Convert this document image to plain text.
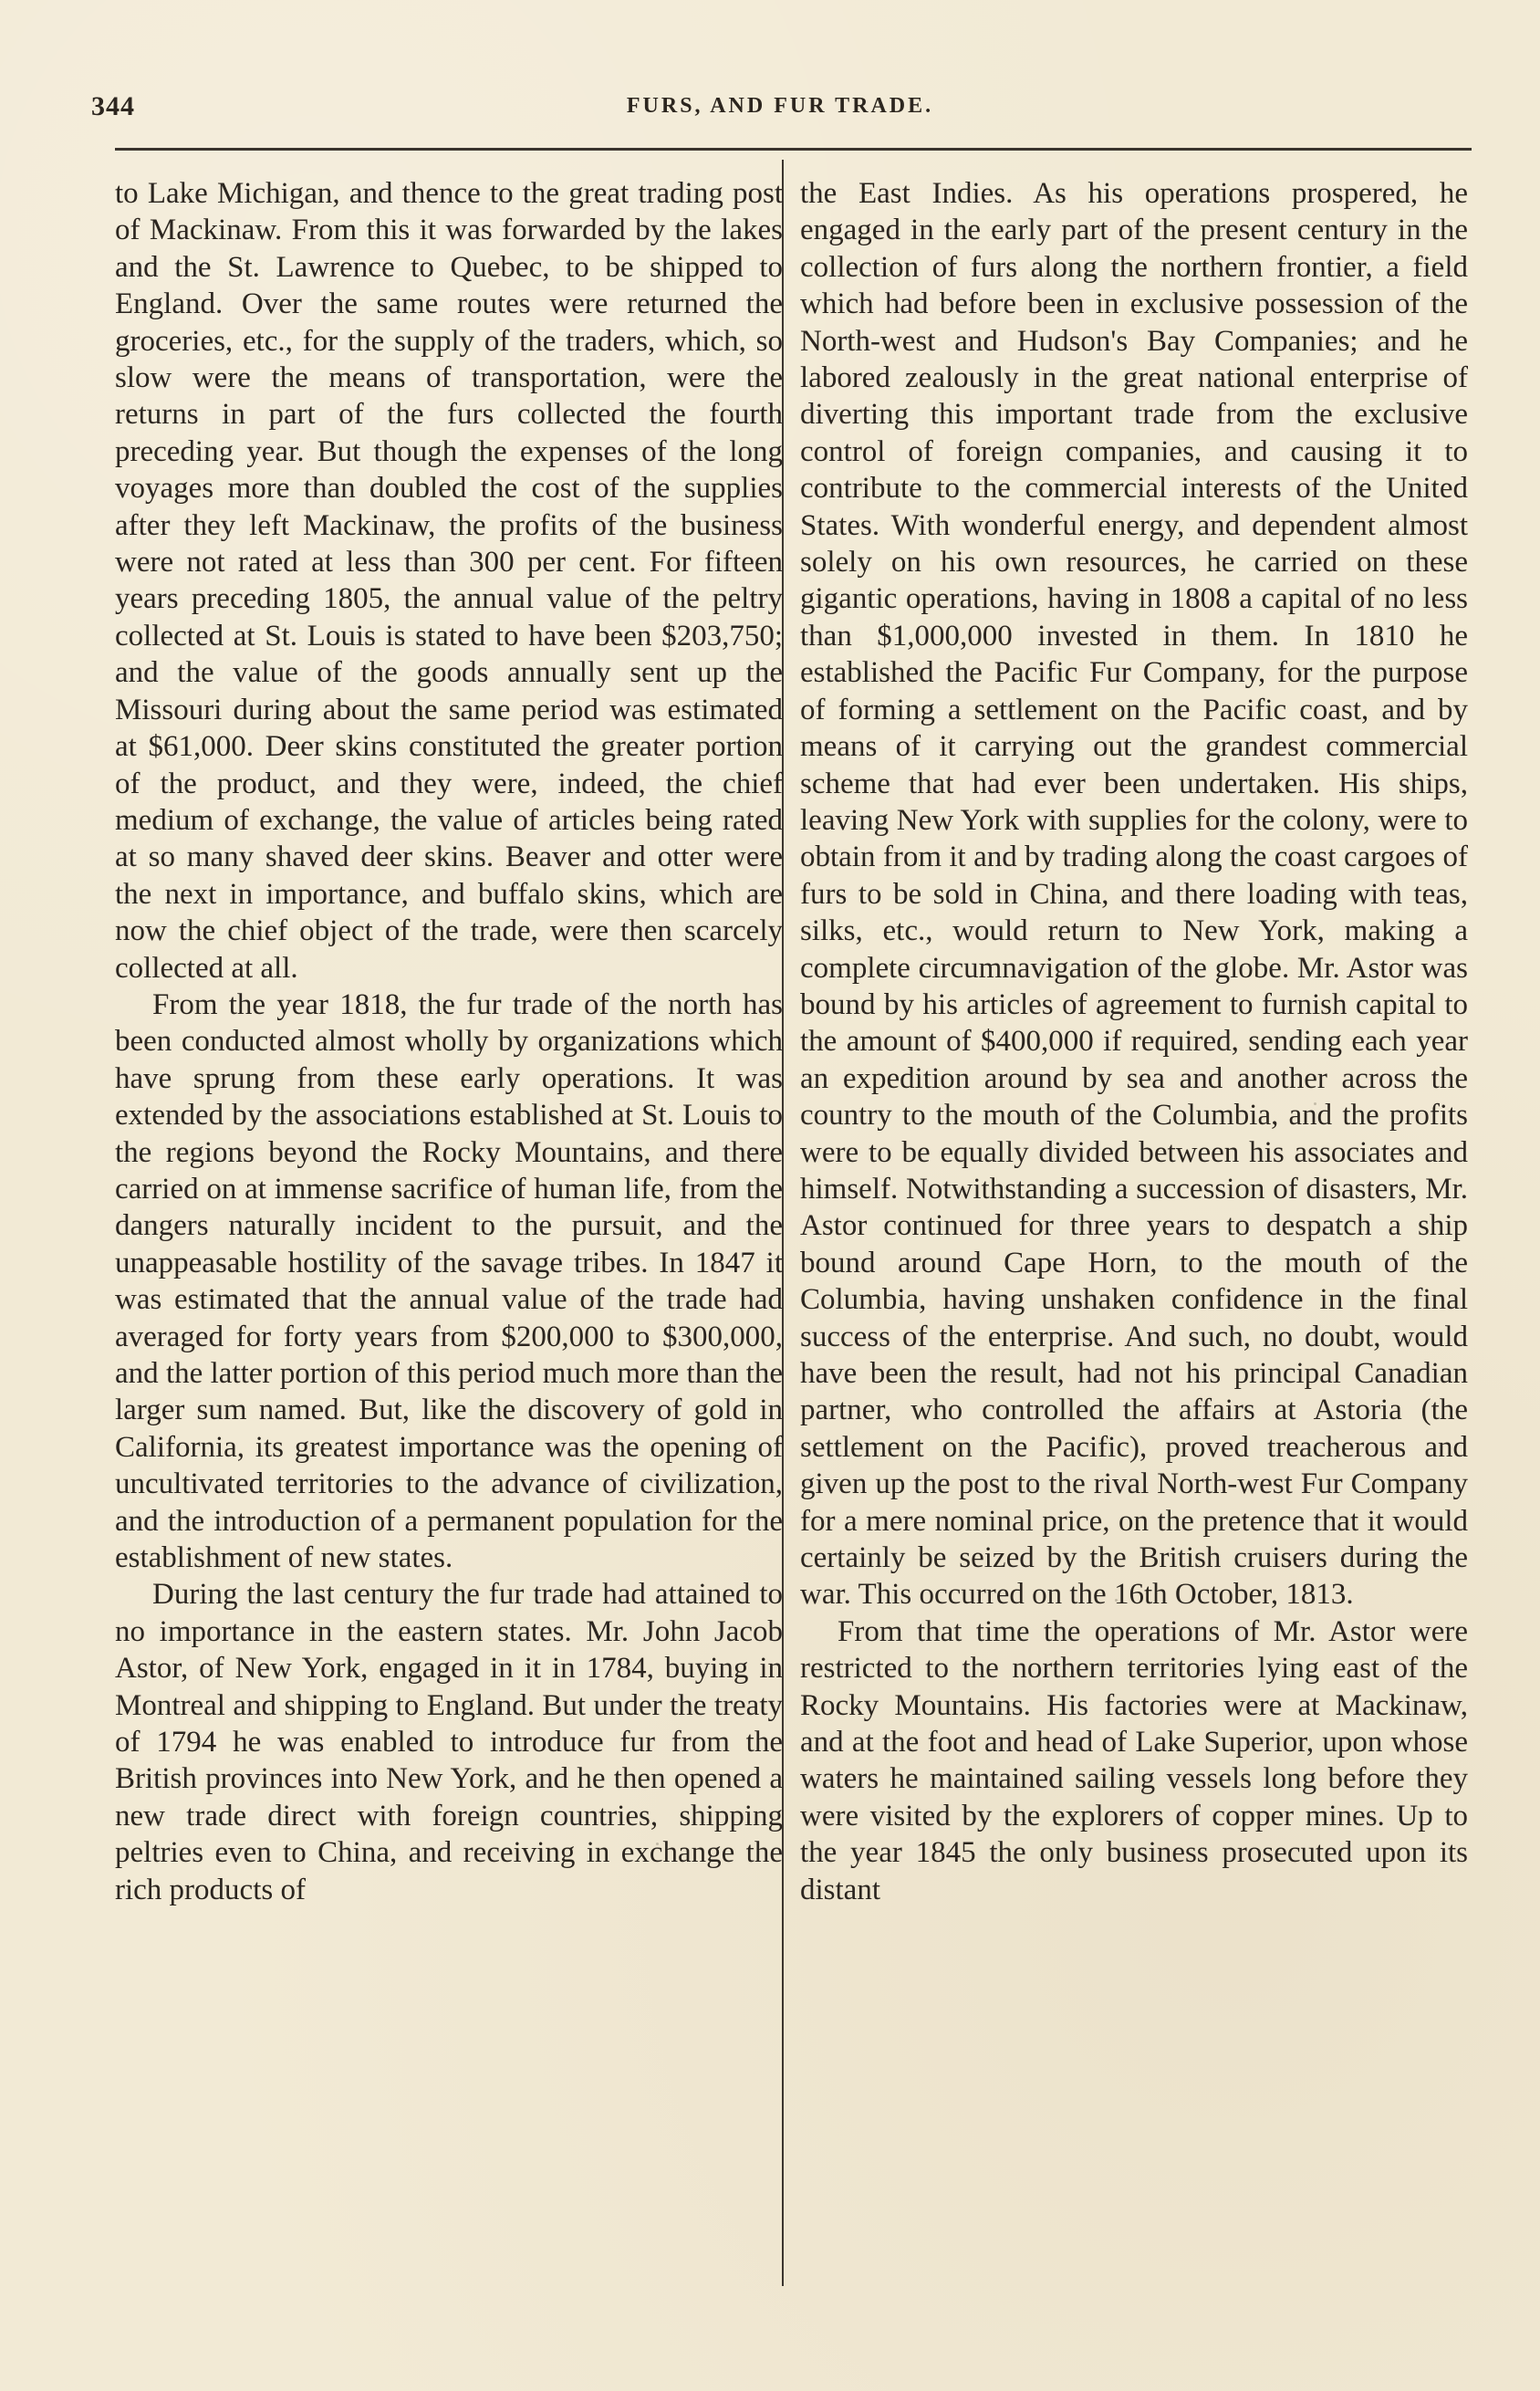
344	FURS, AND FUR TRADE.

to Lake Michigan, and thence to the great trading post of Mackinaw. From this it was forwarded by the lakes and the St. Lawrence to Quebec, to be shipped to England. Over the same routes were returned the groceries, etc., for the supply of the traders, which, so slow were the means of transportation, were the returns in part of the furs collected the fourth preceding year. But though the expenses of the long voyages more than doubled the cost of the supplies after they left Mackinaw, the profits of the business were not rated at less than 300 per cent. For fifteen years preceding 1805, the annual value of the peltry collected at St. Louis is stated to have been $203,750; and the value of the goods annually sent up the Missouri during about the same period was estimated at $61,000. Deer skins constituted the greater portion of the product, and they were, indeed, the chief medium of exchange, the value of articles being rated at so many shaved deer skins. Beaver and otter were the next in importance, and buffalo skins, which are now the chief object of the trade, were then scarcely collected at all.

From the year 1818, the fur trade of the north has been conducted almost wholly by organizations which have sprung from these early operations. It was extended by the associations established at St. Louis to the regions beyond the Rocky Mountains, and there carried on at immense sacrifice of human life, from the dangers naturally incident to the pursuit, and the unappeasable hostility of the savage tribes. In 1847 it was estimated that the annual value of the trade had averaged for forty years from $200,000 to $300,000, and the latter portion of this period much more than the larger sum named. But, like the discovery of gold in California, its greatest importance was the opening of uncultivated territories to the advance of civilization, and the introduction of a permanent population for the establishment of new states.

During the last century the fur trade had attained to no importance in the eastern states. Mr. John Jacob Astor, of New York, engaged in it in 1784, buying in Montreal and shipping to England. But under the treaty of 1794 he was enabled to introduce fur from the British provinces into New York, and he then opened a new trade direct with foreign countries, shipping peltries even to China, and receiving in exchange the rich products of

the East Indies. As his operations prospered, he engaged in the early part of the present century in the collection of furs along the northern frontier, a field which had before been in exclusive possession of the North-west and Hudson's Bay Companies; and he labored zealously in the great national enterprise of diverting this important trade from the exclusive control of foreign companies, and causing it to contribute to the commercial interests of the United States. With wonderful energy, and dependent almost solely on his own resources, he carried on these gigantic operations, having in 1808 a capital of no less than $1,000,000 invested in them. In 1810 he established the Pacific Fur Company, for the purpose of forming a settlement on the Pacific coast, and by means of it carrying out the grandest commercial scheme that had ever been undertaken. His ships, leaving New York with supplies for the colony, were to obtain from it and by trading along the coast cargoes of furs to be sold in China, and there loading with teas, silks, etc., would return to New York, making a complete circumnavigation of the globe. Mr. Astor was bound by his articles of agreement to furnish capital to the amount of $400,000 if required, sending each year an expedition around by sea and another across the country to the mouth of the Columbia, and the profits were to be equally divided between his associates and himself. Notwithstanding a succession of disasters, Mr. Astor continued for three years to despatch a ship bound around Cape Horn, to the mouth of the Columbia, having unshaken confidence in the final success of the enterprise. And such, no doubt, would have been the result, had not his principal Canadian partner, who controlled the affairs at Astoria (the settlement on the Pacific), proved treacherous and given up the post to the rival North-west Fur Company for a mere nominal price, on the pretence that it would certainly be seized by the British cruisers during the war. This occurred on the 16th October, 1813.

From that time the operations of Mr. Astor were restricted to the northern territories lying east of the Rocky Mountains. His factories were at Mackinaw, and at the foot and head of Lake Superior, upon whose waters he maintained sailing vessels long before they were visited by the explorers of copper mines. Up to the year 1845 the only business prosecuted upon its distant
